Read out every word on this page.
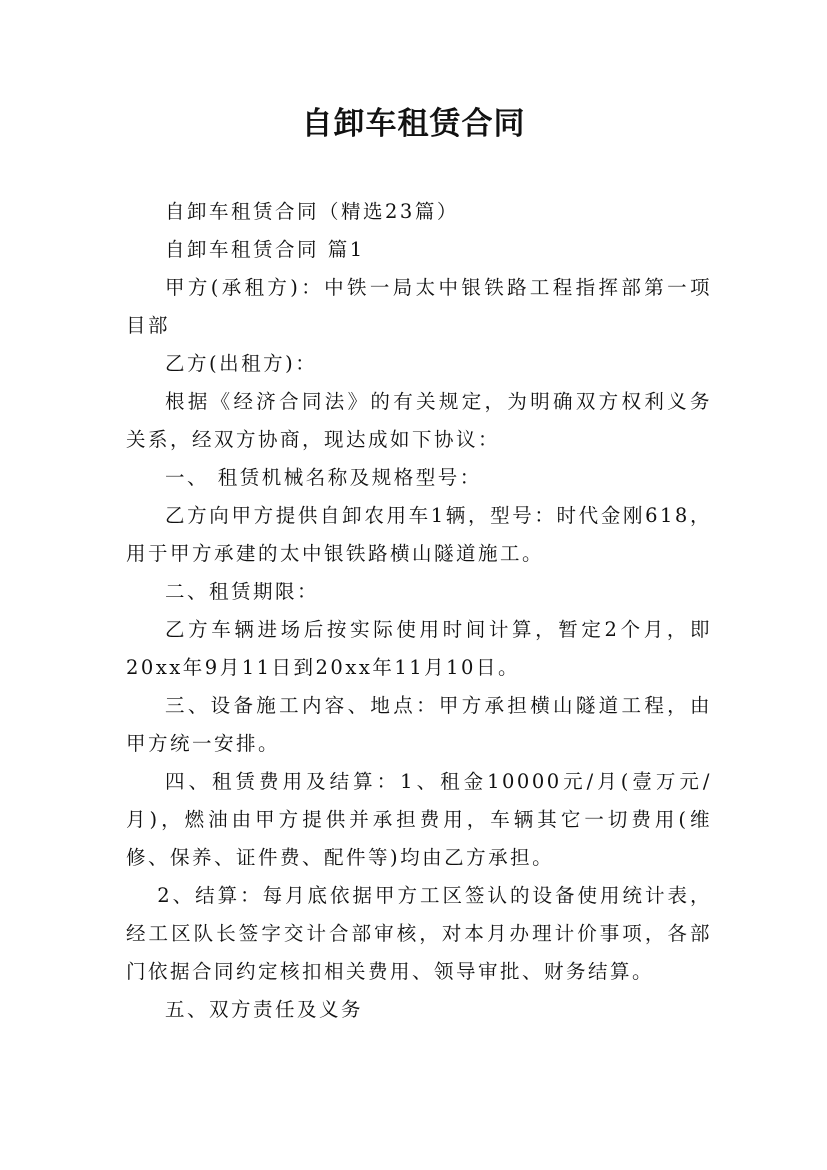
自卸车租赁合同

自卸车租赁合同（精选23篇）

自卸车租赁合同 篇1

甲方(承租方)：中铁一局太中银铁路工程指挥部第一项目部

乙方(出租方)：

根据《经济合同法》的有关规定，为明确双方权利义务关系，经双方协商，现达成如下协议：

一、 租赁机械名称及规格型号：

乙方向甲方提供自卸农用车1辆，型号：时代金刚618，用于甲方承建的太中银铁路横山隧道施工。

二、租赁期限：

乙方车辆进场后按实际使用时间计算，暂定2个月，即20xx年9月11日到20xx年11月10日。

三、设备施工内容、地点：甲方承担横山隧道工程，由甲方统一安排。

四、租赁费用及结算：1、租金10000元/月(壹万元/月)，燃油由甲方提供并承担费用，车辆其它一切费用(维修、保养、证件费、配件等)均由乙方承担。

2、结算：每月底依据甲方工区签认的设备使用统计表，经工区队长签字交计合部审核，对本月办理计价事项，各部门依据合同约定核扣相关费用、领导审批、财务结算。

五、双方责任及义务
